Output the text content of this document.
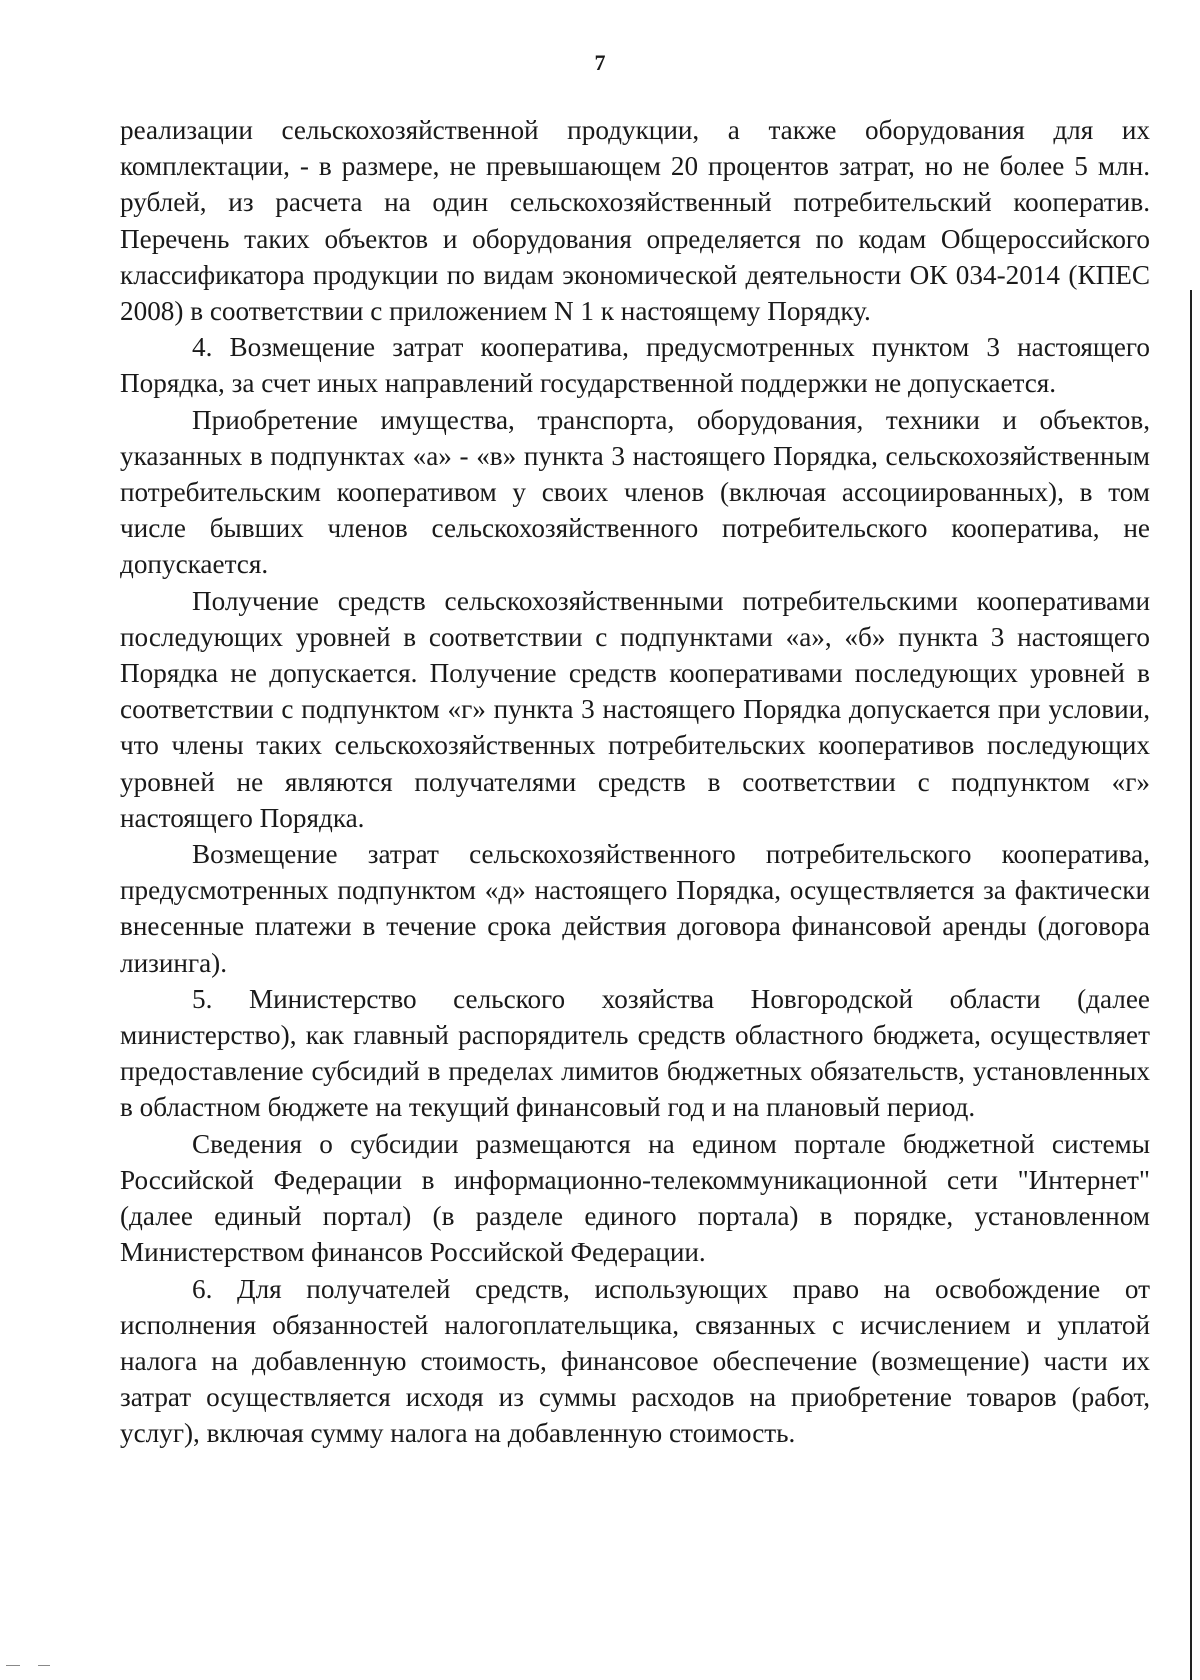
7

реализации сельскохозяйственной продукции, а также оборудования для их комплектации, - в размере, не превышающем 20 процентов затрат, но не более 5 млн. рублей, из расчета на один сельскохозяйственный потребительский кооператив. Перечень таких объектов и оборудования определяется по кодам Общероссийского классификатора продукции по видам экономической деятельности ОК 034-2014 (КПЕС 2008) в соответствии с приложением N 1 к настоящему Порядку.

4. Возмещение затрат кооператива, предусмотренных пунктом 3 настоящего Порядка, за счет иных направлений государственной поддержки не допускается.

Приобретение имущества, транспорта, оборудования, техники и объектов, указанных в подпунктах «а» - «в» пункта 3 настоящего Порядка, сельскохозяйственным потребительским кооперативом у своих членов (включая ассоциированных), в том числе бывших членов сельскохозяйственного потребительского кооператива, не допускается.

Получение средств сельскохозяйственными потребительскими кооперативами последующих уровней в соответствии с подпунктами «а», «б» пункта 3 настоящего Порядка не допускается. Получение средств кооперативами последующих уровней в соответствии с подпунктом «г» пункта 3 настоящего Порядка допускается при условии, что члены таких сельскохозяйственных потребительских кооперативов последующих уровней не являются получателями средств в соответствии с подпунктом «г» настоящего Порядка.

Возмещение затрат сельскохозяйственного потребительского кооператива, предусмотренных подпунктом «д» настоящего Порядка, осуществляется за фактически внесенные платежи в течение срока действия договора финансовой аренды (договора лизинга).

5. Министерство сельского хозяйства Новгородской области (далее министерство), как главный распорядитель средств областного бюджета, осуществляет предоставление субсидий в пределах лимитов бюджетных обязательств, установленных в областном бюджете на текущий финансовый год и на плановый период.

Сведения о субсидии размещаются на едином портале бюджетной системы Российской Федерации в информационно-телекоммуникационной сети "Интернет" (далее единый портал) (в разделе единого портала) в порядке, установленном Министерством финансов Российской Федерации.

6. Для получателей средств, использующих право на освобождение от исполнения обязанностей налогоплательщика, связанных с исчислением и уплатой налога на добавленную стоимость, финансовое обеспечение (возмещение) части их затрат осуществляется исходя из суммы расходов на приобретение товаров (работ, услуг), включая сумму налога на добавленную стоимость.
